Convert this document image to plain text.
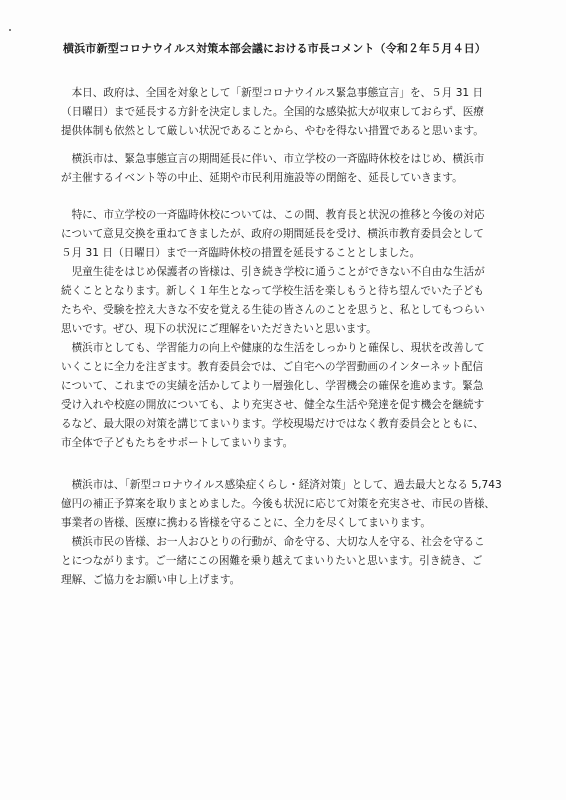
横浜市新型コロナウイルス対策本部会議における市長コメント（令和２年５月４日）
　本日、政府は、全国を対象として「新型コロナウイルス緊急事態宣言」を、５月 31 日
（日曜日）まで延長する方針を決定しました。全国的な感染拡大が収束しておらず、医療
提供体制も依然として厳しい状況であることから、やむを得ない措置であると思います。
　横浜市は、緊急事態宣言の期間延長に伴い、市立学校の一斉臨時休校をはじめ、横浜市
が主催するイベント等の中止、延期や市民利用施設等の閉館を、延長していきます。
　特に、市立学校の一斉臨時休校については、この間、教育長と状況の推移と今後の対応
について意見交換を重ねてきましたが、政府の期間延長を受け、横浜市教育委員会として
５月 31 日（日曜日）まで一斉臨時休校の措置を延長することとしました。
　児童生徒をはじめ保護者の皆様は、引き続き学校に通うことができない不自由な生活が
続くこととなります。新しく１年生となって学校生活を楽しもうと待ち望んでいた子ども
たちや、受験を控え大きな不安を覚える生徒の皆さんのことを思うと、私としてもつらい
思いです。ぜひ、現下の状況にご理解をいただきたいと思います。
　横浜市としても、学習能力の向上や健康的な生活をしっかりと確保し、現状を改善して
いくことに全力を注ぎます。教育委員会では、ご自宅への学習動画のインターネット配信
について、これまでの実績を活かしてより一層強化し、学習機会の確保を進めます。緊急
受け入れや校庭の開放についても、より充実させ、健全な生活や発達を促す機会を継続す
るなど、最大限の対策を講じてまいります。学校現場だけではなく教育委員会とともに、
市全体で子どもたちをサポートしてまいります。
　横浜市は、「新型コロナウイルス感染症くらし・経済対策」として、過去最大となる 5,743
億円の補正予算案を取りまとめました。今後も状況に応じて対策を充実させ、市民の皆様、
事業者の皆様、医療に携わる皆様を守ることに、全力を尽くしてまいります。
　横浜市民の皆様、お一人おひとりの行動が、命を守る、大切な人を守る、社会を守るこ
とにつながります。ご一緒にこの困難を乗り越えてまいりたいと思います。引き続き、ご
理解、ご協力をお願い申し上げます。
